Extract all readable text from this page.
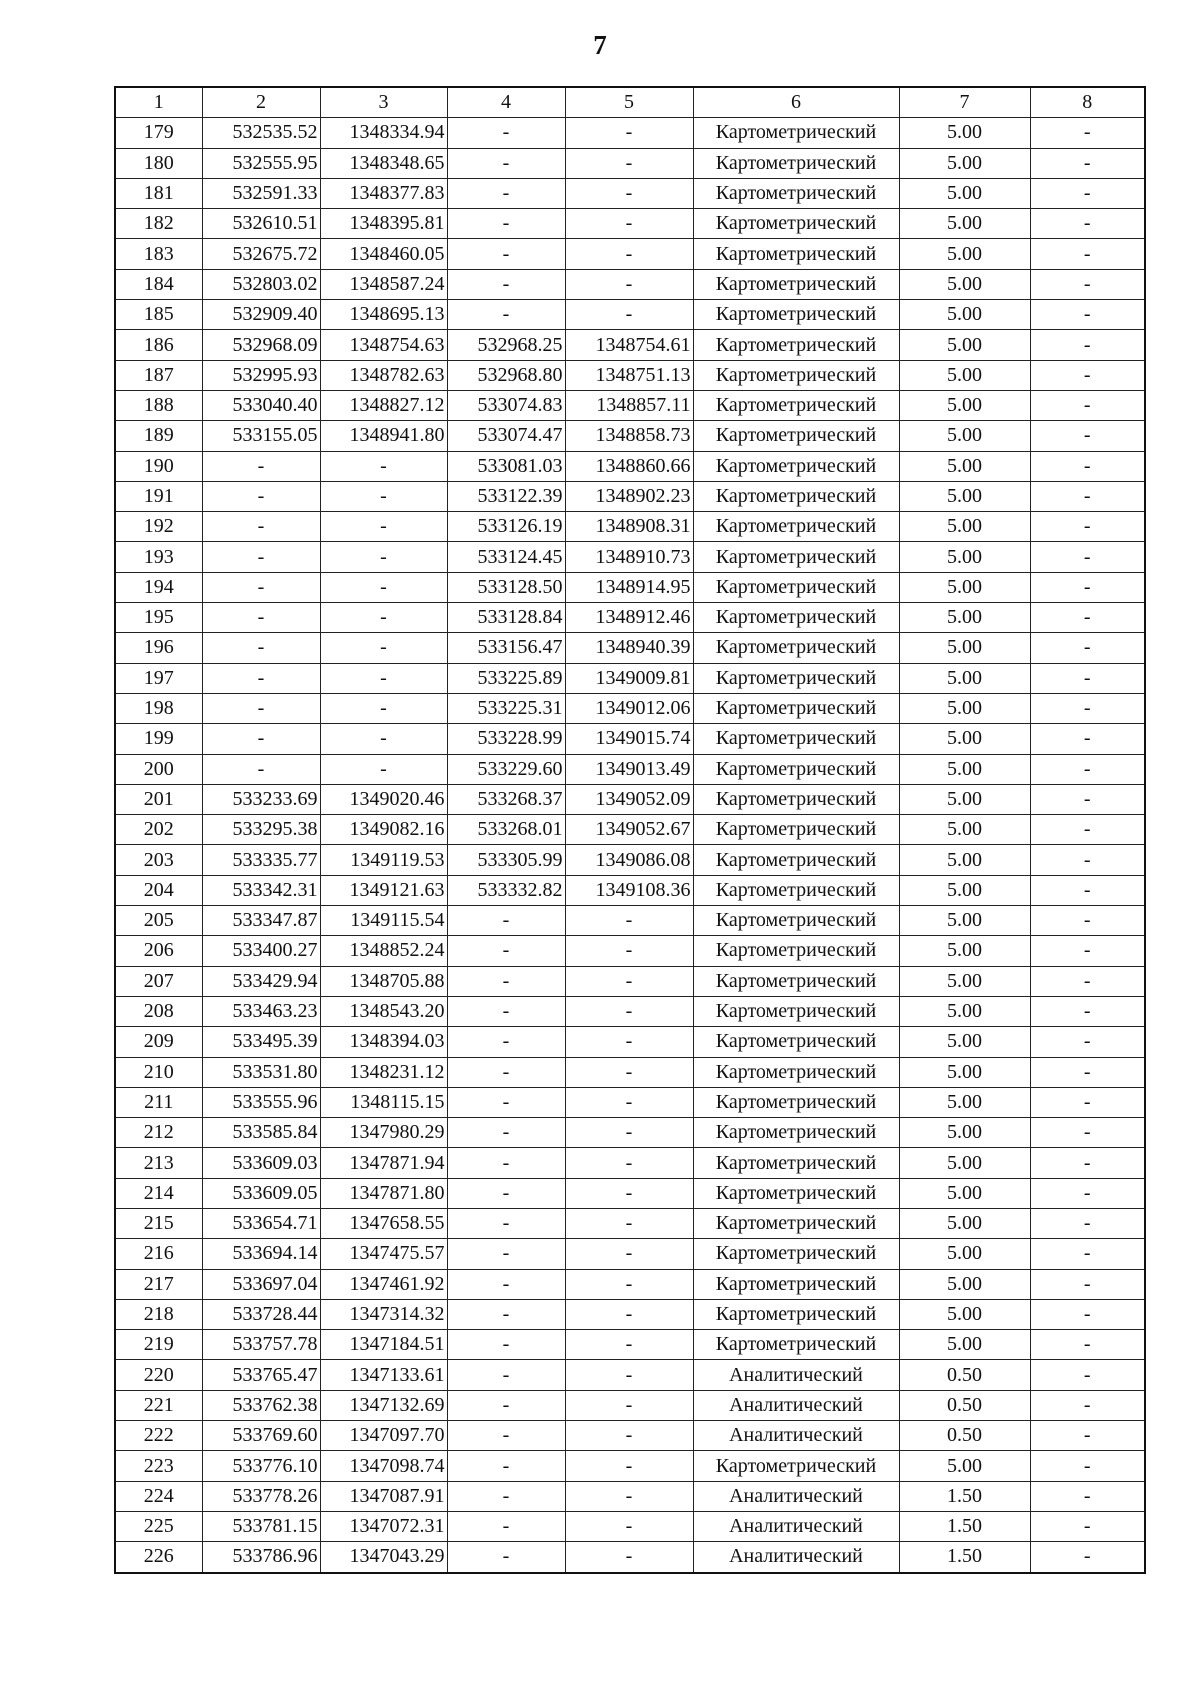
7
1	2	3	4	5	6	7	8
179	532535.52	1348334.94	-	-	Картометрический	5.00	-
180	532555.95	1348348.65	-	-	Картометрический	5.00	-
181	532591.33	1348377.83	-	-	Картометрический	5.00	-
182	532610.51	1348395.81	-	-	Картометрический	5.00	-
183	532675.72	1348460.05	-	-	Картометрический	5.00	-
184	532803.02	1348587.24	-	-	Картометрический	5.00	-
185	532909.40	1348695.13	-	-	Картометрический	5.00	-
186	532968.09	1348754.63	532968.25	1348754.61	Картометрический	5.00	-
187	532995.93	1348782.63	532968.80	1348751.13	Картометрический	5.00	-
188	533040.40	1348827.12	533074.83	1348857.11	Картометрический	5.00	-
189	533155.05	1348941.80	533074.47	1348858.73	Картометрический	5.00	-
190	-	-	533081.03	1348860.66	Картометрический	5.00	-
191	-	-	533122.39	1348902.23	Картометрический	5.00	-
192	-	-	533126.19	1348908.31	Картометрический	5.00	-
193	-	-	533124.45	1348910.73	Картометрический	5.00	-
194	-	-	533128.50	1348914.95	Картометрический	5.00	-
195	-	-	533128.84	1348912.46	Картометрический	5.00	-
196	-	-	533156.47	1348940.39	Картометрический	5.00	-
197	-	-	533225.89	1349009.81	Картометрический	5.00	-
198	-	-	533225.31	1349012.06	Картометрический	5.00	-
199	-	-	533228.99	1349015.74	Картометрический	5.00	-
200	-	-	533229.60	1349013.49	Картометрический	5.00	-
201	533233.69	1349020.46	533268.37	1349052.09	Картометрический	5.00	-
202	533295.38	1349082.16	533268.01	1349052.67	Картометрический	5.00	-
203	533335.77	1349119.53	533305.99	1349086.08	Картометрический	5.00	-
204	533342.31	1349121.63	533332.82	1349108.36	Картометрический	5.00	-
205	533347.87	1349115.54	-	-	Картометрический	5.00	-
206	533400.27	1348852.24	-	-	Картометрический	5.00	-
207	533429.94	1348705.88	-	-	Картометрический	5.00	-
208	533463.23	1348543.20	-	-	Картометрический	5.00	-
209	533495.39	1348394.03	-	-	Картометрический	5.00	-
210	533531.80	1348231.12	-	-	Картометрический	5.00	-
211	533555.96	1348115.15	-	-	Картометрический	5.00	-
212	533585.84	1347980.29	-	-	Картометрический	5.00	-
213	533609.03	1347871.94	-	-	Картометрический	5.00	-
214	533609.05	1347871.80	-	-	Картометрический	5.00	-
215	533654.71	1347658.55	-	-	Картометрический	5.00	-
216	533694.14	1347475.57	-	-	Картометрический	5.00	-
217	533697.04	1347461.92	-	-	Картометрический	5.00	-
218	533728.44	1347314.32	-	-	Картометрический	5.00	-
219	533757.78	1347184.51	-	-	Картометрический	5.00	-
220	533765.47	1347133.61	-	-	Аналитический	0.50	-
221	533762.38	1347132.69	-	-	Аналитический	0.50	-
222	533769.60	1347097.70	-	-	Аналитический	0.50	-
223	533776.10	1347098.74	-	-	Картометрический	5.00	-
224	533778.26	1347087.91	-	-	Аналитический	1.50	-
225	533781.15	1347072.31	-	-	Аналитический	1.50	-
226	533786.96	1347043.29	-	-	Аналитический	1.50	-
